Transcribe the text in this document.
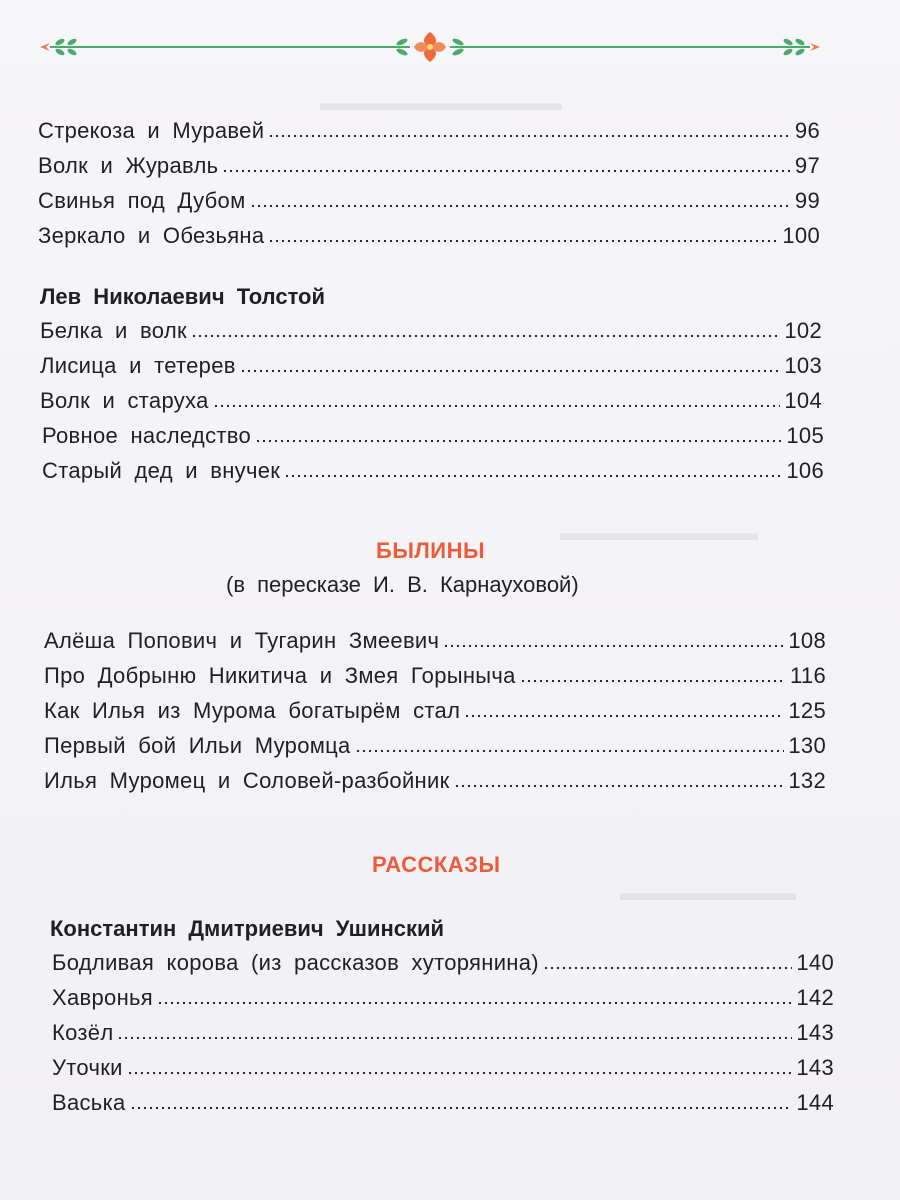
▬▬▬▬▬▬▬▬▬▬▬
▬▬▬▬▬▬▬▬▬
▬▬▬▬▬▬▬▬
Стрекоза и Муравей	96
Волк и Журавль	97
Свинья под Дубом	99
Зеркало и Обезьяна	100
Лев Николаевич Толстой
Белка и волк	102
Лисица и тетерев	103
Волк и старуха	104
Ровное наследство	105
Старый дед и внучек	106
БЫЛИНЫ
(в пересказе И. В. Карнауховой)
Алёша Попович и Тугарин Змеевич	108
Про Добрыню Никитича и Змея Горыныча	116
Как Илья из Мурома богатырём стал	125
Первый бой Ильи Муромца	130
Илья Муромец и Соловей-разбойник	132
РАССКАЗЫ
Константин Дмитриевич Ушинский
Бодливая корова (из рассказов хуторянина)	140
Хавронья	142
Козёл	143
Уточки	143
Васька	144
